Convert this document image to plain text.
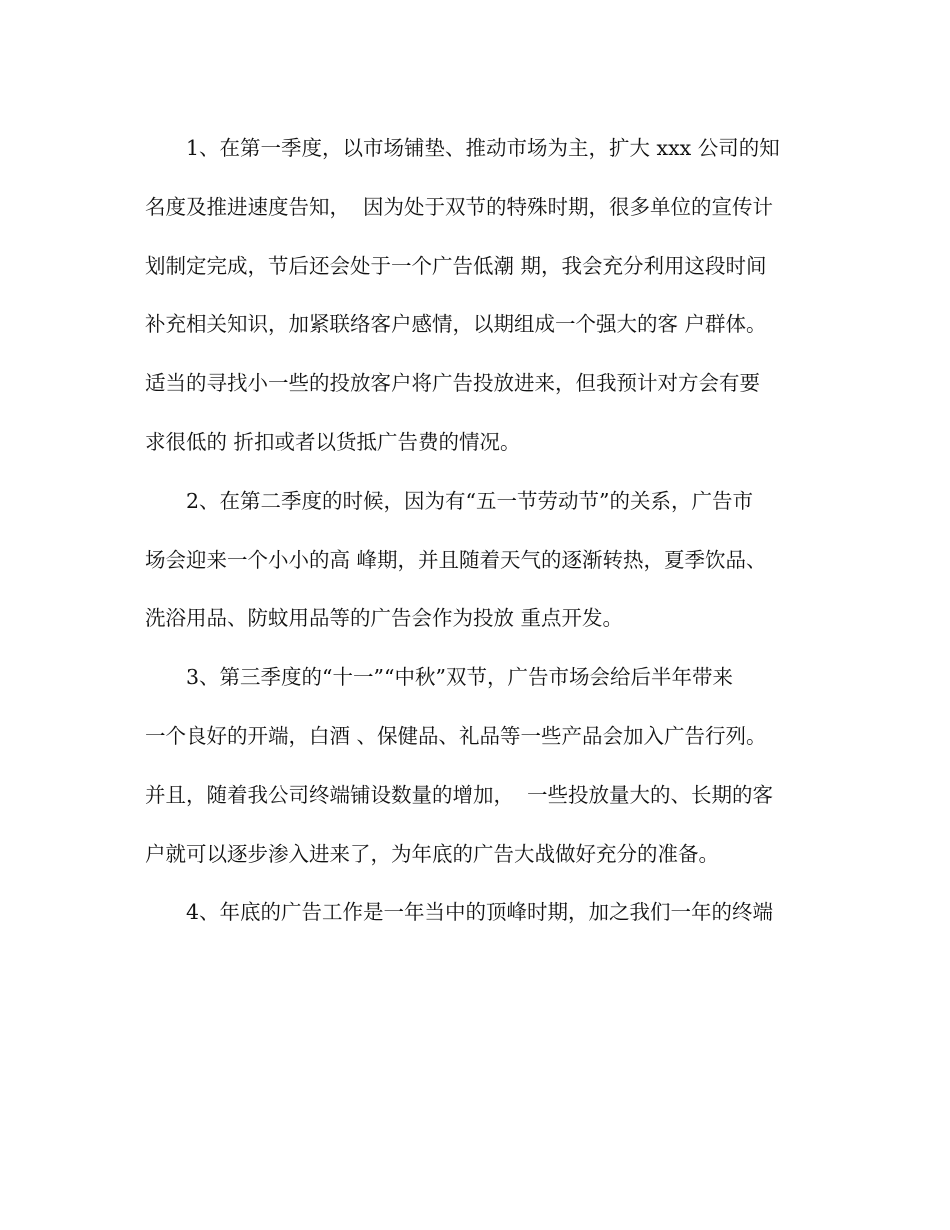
1、在第一季度，以市场铺垫、推动市场为主，扩大 xxx 公司的知
名度及推进速度告知，  因为处于双节的特殊时期，很多单位的宣传计
划制定完成，节后还会处于一个广告低潮 期，我会充分利用这段时间
补充相关知识，加紧联络客户感情，以期组成一个强大的客 户群体。
适当的寻找小一些的投放客户将广告投放进来，但我预计对方会有要
求很低的 折扣或者以货抵广告费的情况。
2、在第二季度的时候，因为有“五一节劳动节”的关系，广告市
场会迎来一个小小的高 峰期，并且随着天气的逐渐转热，夏季饮品、
洗浴用品、防蚊用品等的广告会作为投放 重点开发。
3、第三季度的“十一”“中秋”双节，广告市场会给后半年带来
一个良好的开端，白酒 、保健品、礼品等一些产品会加入广告行列。
并且，随着我公司终端铺设数量的增加，  一些投放量大的、长期的客
户就可以逐步渗入进来了，为年底的广告大战做好充分的准备。
4、年底的广告工作是一年当中的顶峰时期，加之我们一年的终端
